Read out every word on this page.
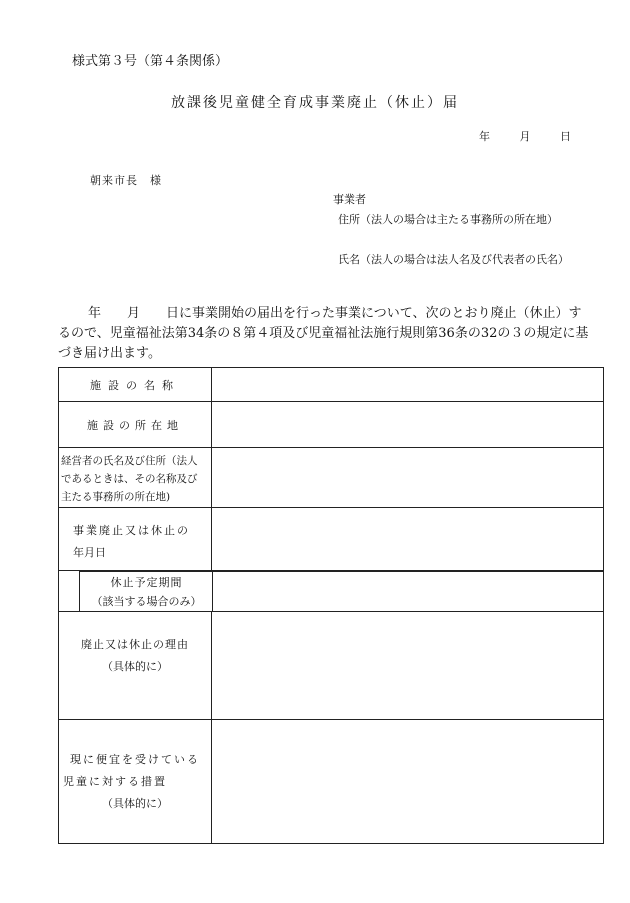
様式第３号（第４条関係）
放課後児童健全育成事業廃止（休止）届
年 月 日
朝来市長　様
事業者
住所（法人の場合は主たる事務所の所在地）
氏名（法人の場合は法人名及び代表者の氏名）
年　　月　　日に事業開始の届出を行った事業について、次のとおり廃止（休止）す
るので、児童福祉法第34条の８第４項及び児童福祉法施行規則第36条の32の３の規定に基
づき届け出ます。
施設の名称
施設の所在地
経営者の氏名及び住所（法人
であるときは、その名称及び
主たる事務所の所在地)
事業廃止又は休止の
年月日
休止予定期間
（該当する場合のみ）
廃止又は休止の理由
（具体的に）
現に便宜を受けている
児童に対する措置
（具体的に）
